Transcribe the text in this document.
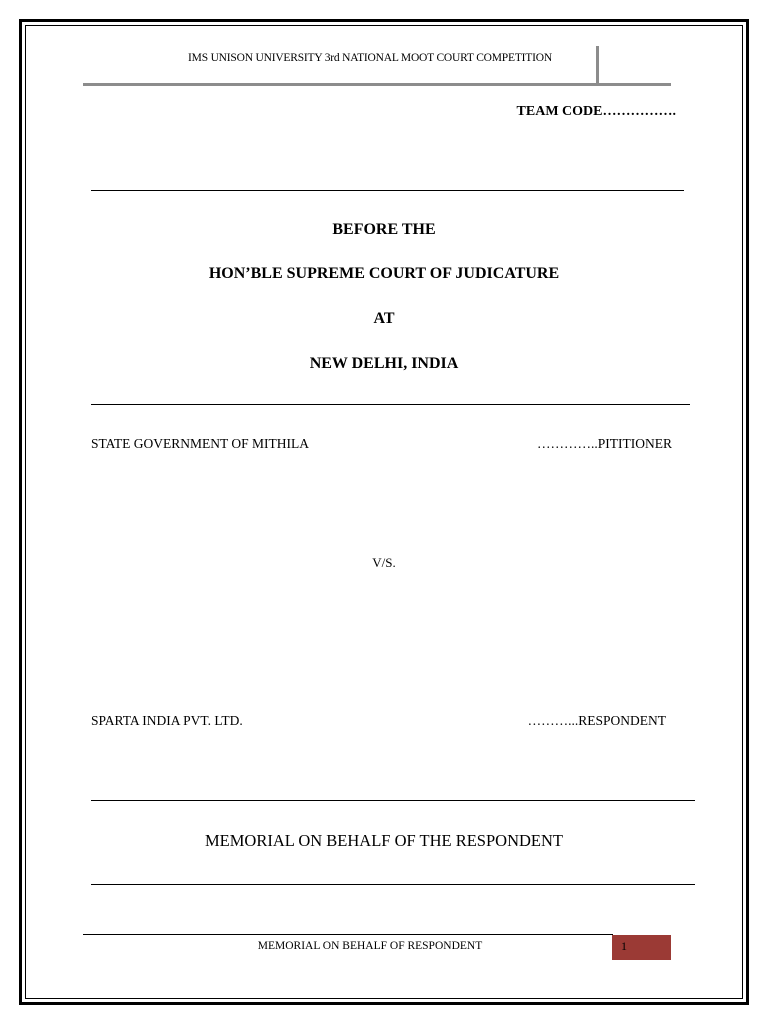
IMS UNISON UNIVERSITY 3rd NATIONAL MOOT COURT COMPETITION
TEAM CODE…………….
BEFORE THE
HON’BLE SUPREME COURT OF JUDICATURE
AT
NEW DELHI, INDIA
STATE GOVERNMENT OF MITHILA	…………..PITITIONER
V/S.
SPARTA INDIA PVT. LTD.	………...RESPONDENT
MEMORIAL ON BEHALF OF THE RESPONDENT
MEMORIAL ON BEHALF OF RESPONDENT	1
